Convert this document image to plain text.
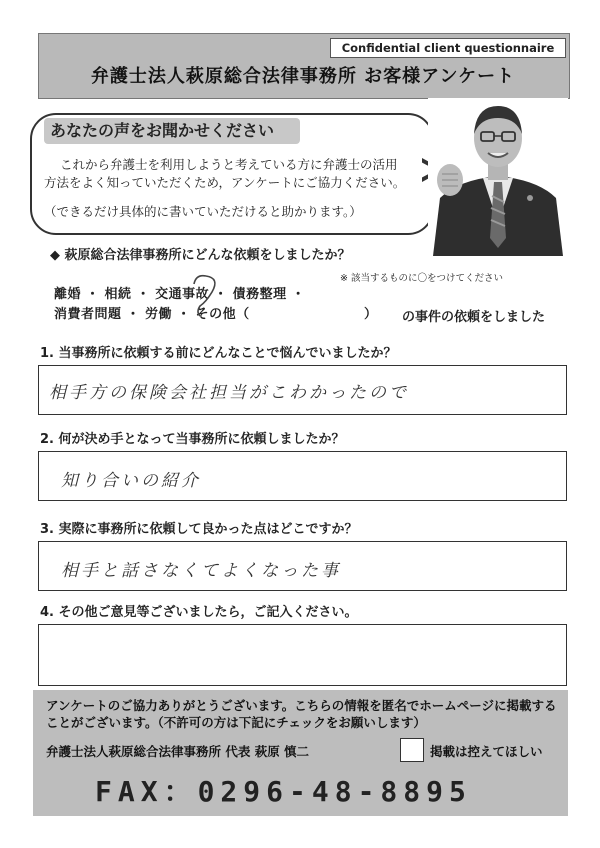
Confidential client questionnaire
弁護士法人萩原総合法律事務所 お客様アンケート
あなたの声をお聞かせください
これから弁護士を利用しようと考えている方に弁護士の活用
方法をよく知っていただくため，アンケートにご協力ください。
（できるだけ具体的に書いていただけると助かります。）
◆ 萩原総合法律事務所にどんな依頼をしましたか？
※ 該当するものに〇をつけてください
離婚 ・ 相続 ・ 交通事故 ・ 債務整理 ・
消費者問題 ・ 労働 ・ その他（	） の事件の依頼をしました
1. 当事務所に依頼する前にどんなことで悩んでいましたか？
相手方の保険会社担当がこわかったので
2. 何が決め手となって当事務所に依頼しましたか？
知り合いの紹介
3. 実際に事務所に依頼して良かった点はどこですか？
相手と話さなくてよくなった事
4. その他ご意見等ございましたら，ご記入ください。
アンケートのご協力ありがとうございます。こちらの情報を匿名でホームページに掲載する
ことがございます。（不許可の方は下記にチェックをお願いします）
弁護士法人萩原総合法律事務所 代表 萩原 慎二	掲載は控えてほしい
FAX：0296-48-8895
